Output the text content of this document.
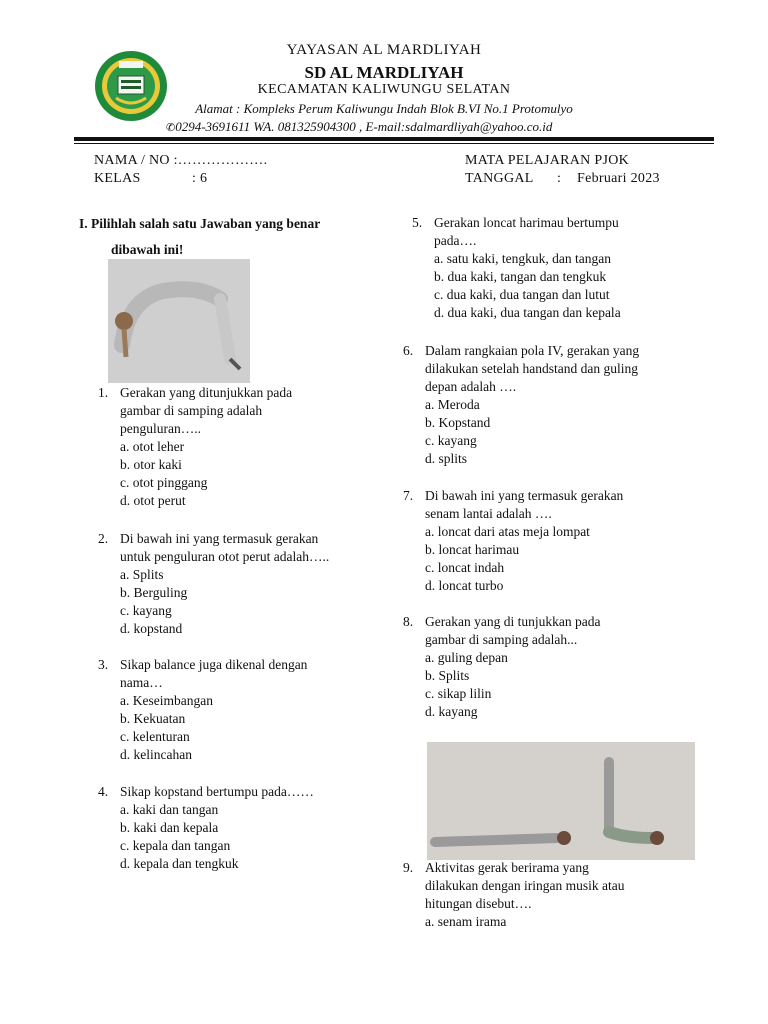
YAYASAN AL MARDLIYAH
SD AL MARDLIYAH
KECAMATAN KALIWUNGU SELATAN
Alamat : Kompleks Perum Kaliwungu Indah Blok B.VI No.1 Protomulyo
✆0294-3691611 WA. 081325904300 , E-mail:sdalmardliyah@yahoo.co.id
NAMA / NO :……………….
KELAS	: 6
MATA PELAJARAN PJOK
TANGGAL : Februari 2023
I. Pilihlah salah satu Jawaban yang benar
dibawah ini!
1. Gerakan yang ditunjukkan pada
gambar di samping adalah
penguluran…..
a. otot leher
b. otor kaki
c. otot pinggang
d. otot perut
2. Di bawah ini yang termasuk gerakan
untuk penguluran otot perut adalah…..
a. Splits
b. Berguling
c. kayang
d. kopstand
3. Sikap balance juga dikenal dengan
nama…
a. Keseimbangan
b. Kekuatan
c. kelenturan
d. kelincahan
4. Sikap kopstand bertumpu pada……
a. kaki dan tangan
b. kaki dan kepala
c. kepala dan tangan
d. kepala dan tengkuk
5. Gerakan loncat harimau bertumpu
pada….
a. satu kaki, tengkuk, dan tangan
b. dua kaki, tangan dan tengkuk
c. dua kaki, dua tangan dan lutut
d. dua kaki, dua tangan dan kepala
6. Dalam rangkaian pola IV, gerakan yang
dilakukan setelah handstand dan guling
depan adalah ….
a. Meroda
b. Kopstand
c. kayang
d. splits
7. Di bawah ini yang termasuk gerakan
senam lantai adalah ….
a. loncat dari atas meja lompat
b. loncat harimau
c. loncat indah
d. loncat turbo
8. Gerakan yang di tunjukkan pada
gambar di samping adalah...
a. guling depan
b. Splits
c. sikap lilin
d. kayang
9. Aktivitas gerak berirama yang
dilakukan dengan iringan musik atau
hitungan disebut….
a. senam irama
